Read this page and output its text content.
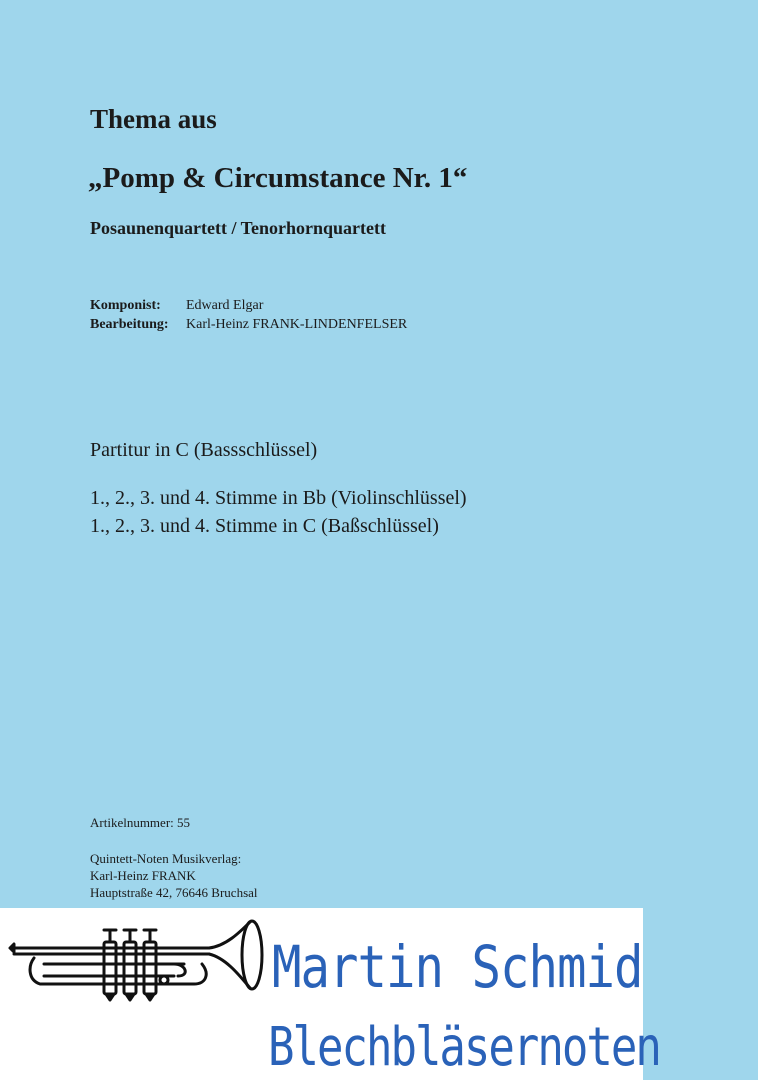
Thema aus
„Pomp & Circumstance Nr. 1“
Posaunenquartett / Tenorhornquartett
Komponist:	Edward Elgar
Bearbeitung:	Karl-Heinz FRANK-LINDENFELSER
Partitur in C (Bassschlüssel)
1., 2., 3. und 4. Stimme in Bb (Violinschlüssel)
1., 2., 3. und 4. Stimme in C (Baßschlüssel)
Artikelnummer: 55
Quintett-Noten Musikverlag:
Karl-Heinz FRANK
Hauptstraße 42, 76646 Bruchsal
Martin Schmid
Blechbläsernoten
